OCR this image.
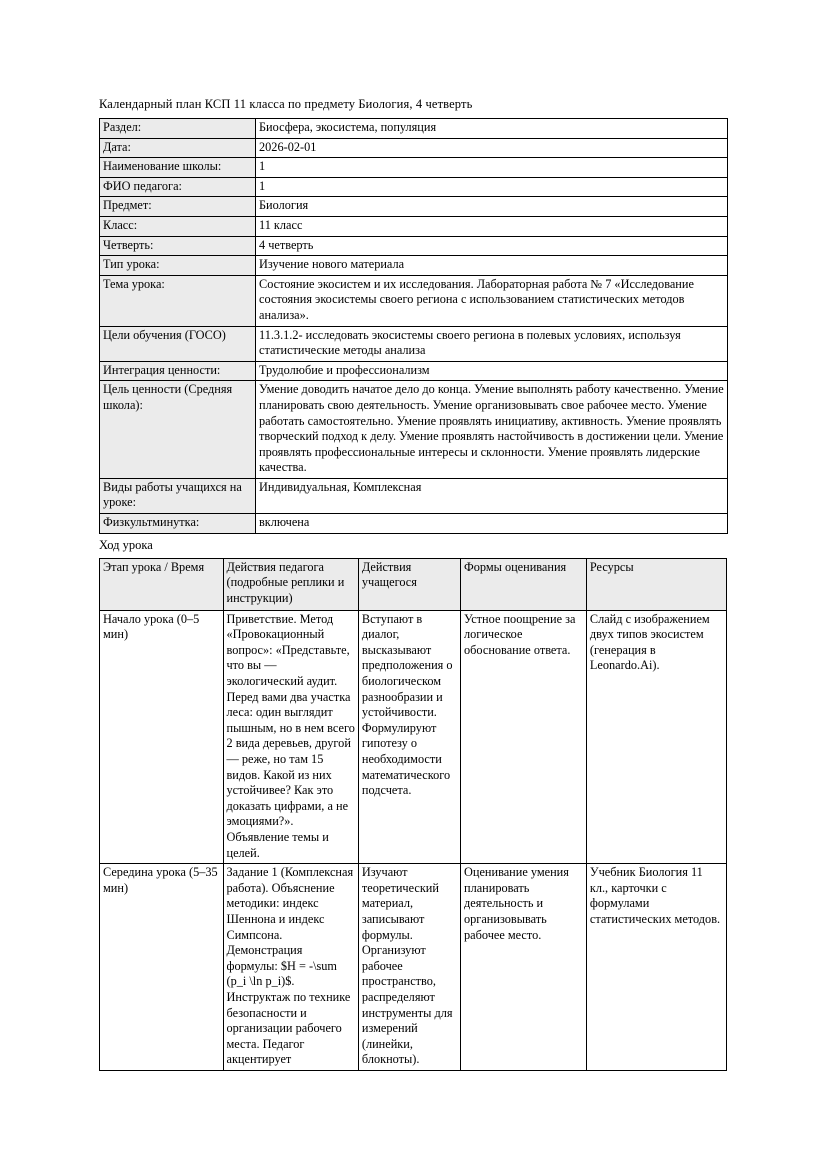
Календарный план КСП 11 класса по предмету Биология, 4 четверть

Раздел:	Биосфера, экосистема, популяция
Дата:	2026-02-01
Наименование школы:	1
ФИО педагога:	1
Предмет:	Биология
Класс:	11 класс
Четверть:	4 четверть
Тип урока:	Изучение нового материала
Тема урока:	Состояние экосистем и их исследования. Лабораторная работа № 7 «Исследование состояния экосистемы своего региона с использованием статистических методов анализа».
Цели обучения (ГОСО)	11.3.1.2- исследовать экосистемы своего региона в полевых условиях, используя статистические методы анализа
Интеграция ценности:	Трудолюбие и профессионализм
Цель ценности (Средняя школа):	Умение доводить начатое дело до конца. Умение выполнять работу качественно. Умение планировать свою деятельность. Умение организовывать свое рабочее место. Умение работать самостоятельно. Умение проявлять инициативу, активность. Умение проявлять творческий подход к делу. Умение проявлять настойчивость в достижении цели. Умение проявлять профессиональные интересы и склонности. Умение проявлять лидерские качества.
Виды работы учащихся на уроке:	Индивидуальная, Комплексная
Физкультминутка:	включена

Ход урока

Этап урока / Время	Действия педагога (подробные реплики и инструкции)	Действия учащегося	Формы оценивания	Ресурсы
Начало урока (0–5 мин)	Приветствие. Метод «Провокационный вопрос»: «Представьте, что вы — экологический аудит. Перед вами два участка леса: один выглядит пышным, но в нем всего 2 вида деревьев, другой — реже, но там 15 видов. Какой из них устойчивее? Как это доказать цифрами, а не эмоциями?». Объявление темы и целей.	Вступают в диалог, высказывают предположения о биологическом разнообразии и устойчивости. Формулируют гипотезу о необходимости математического подсчета.	Устное поощрение за логическое обоснование ответа.	Слайд с изображением двух типов экосистем (генерация в Leonardo.Ai).
Середина урока (5–35 мин)	Задание 1 (Комплексная работа). Объяснение методики: индекс Шеннона и индекс Симпсона. Демонстрация формулы: $H = -\sum (p_i \ln p_i)$. Инструктаж по технике безопасности и организации рабочего места. Педагог акцентирует	Изучают теоретический материал, записывают формулы. Организуют рабочее пространство, распределяют инструменты для измерений (линейки, блокноты).	Оценивание умения планировать деятельность и организовывать рабочее место.	Учебник Биология 11 кл., карточки с формулами статистических методов.
